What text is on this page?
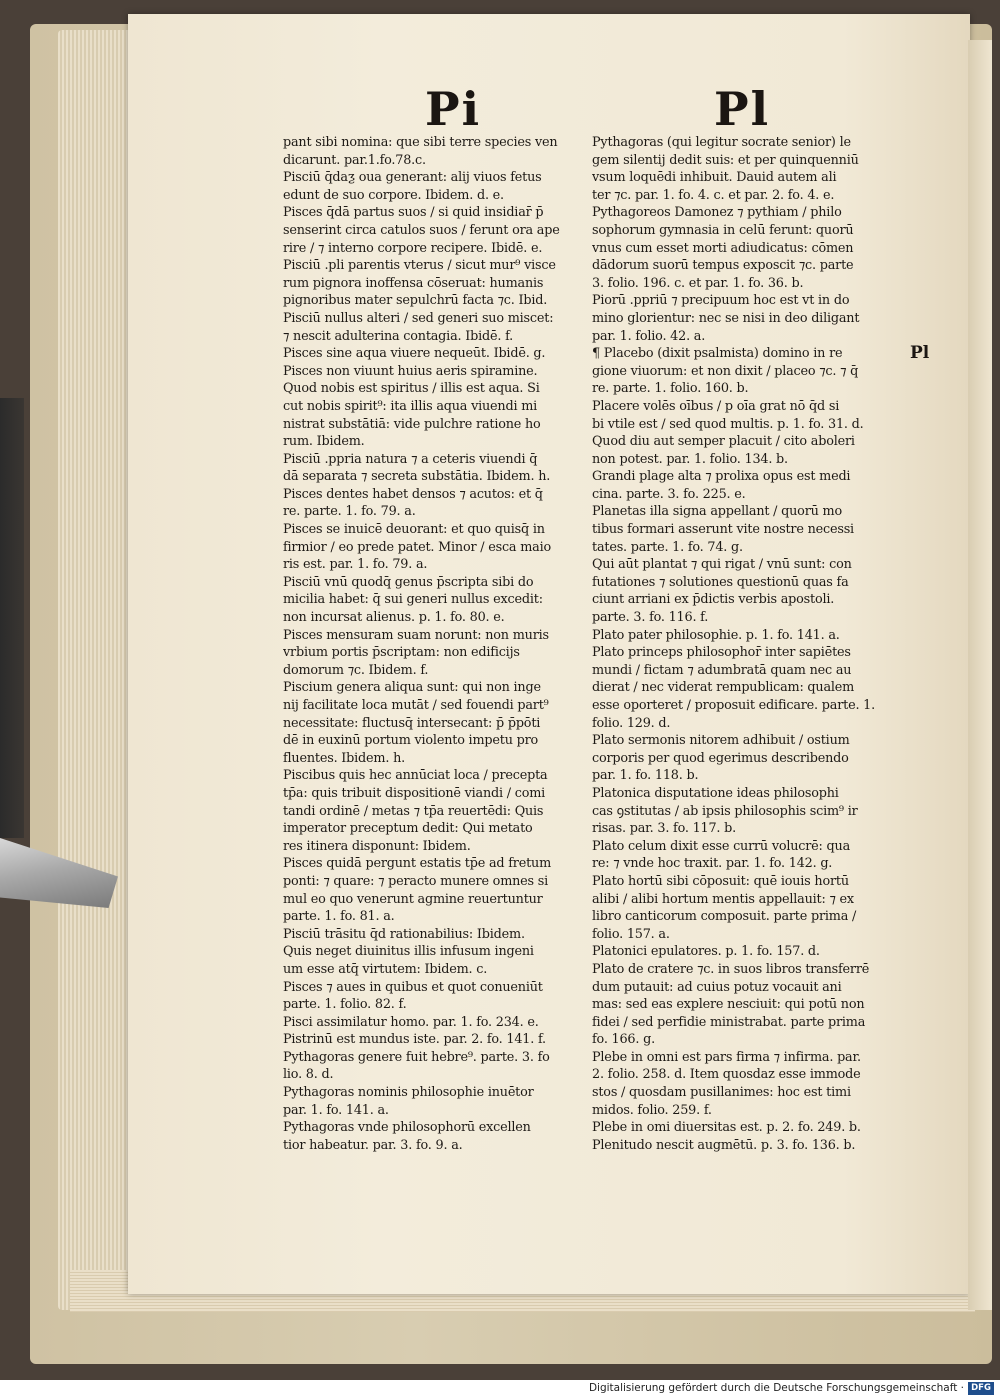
Pi	Pl
pant sibi nomina: que sibi terre species ven
dicarunt. par.1.fo.78.c.
Pisciū q̄daƺ oua generant: alij viuos fetus
edunt de suo corpore. Ibidem. d. e.
Pisces q̄dā partus suos / si quid insidiar̄ p̄
senserint circa catulos suos / ferunt ora ape
rire / ⁊ interno corpore recipere. Ibidē. e.
Pisciū .pli parentis vterus / sicut mur⁹ visce
rum pignora inoffensa cōseruat: humanis
pignoribus mater sepulchrū facta ⁊c. Ibid.
Pisciū nullus alteri / sed generi suo miscet:
⁊ nescit adulterina contagia. Ibidē. f.
Pisces sine aqua viuere nequeūt. Ibidē. g.
Pisces non viuunt huius aeris spiramine.
Quod nobis est spiritus / illis est aqua. Si
cut nobis spirit⁹: ita illis aqua viuendi mi
nistrat substātiā: vide pulchre ratione ho
rum. Ibidem.
Pisciū .ppria natura ⁊ a ceteris viuendi q̄
dā separata ⁊ secreta substātia. Ibidem. h.
Pisces dentes habet densos ⁊ acutos: et q̄
re. parte. 1. fo. 79. a.
Pisces se inuicē deuorant: et quo quisq̄ in
firmior / eo prede patet. Minor / esca maio
ris est. par. 1. fo. 79. a.
Pisciū vnū quodq̄ genus p̄scripta sibi do
micilia habet: q̄ sui generi nullus excedit:
non incursat alienus. p. 1. fo. 80. e.
Pisces mensuram suam norunt: non muris
vrbium portis p̄scriptam: non edificijs
domorum ⁊c. Ibidem. f.
Piscium genera aliqua sunt: qui non inge
nij facilitate loca mutāt / sed fouendi part⁹
necessitate: fluctusq̄ intersecant: p̄ p̄pōti
dē in euxinū portum violento impetu pro
fluentes. Ibidem. h.
Piscibus quis hec annūciat loca / precepta
tp̄a: quis tribuit dispositionē viandi / comi
tandi ordinē / metas ⁊ tp̄a reuertēdi: Quis
imperator preceptum dedit: Qui metato
res itinera disponunt: Ibidem.
Pisces quidā pergunt estatis tp̄e ad fretum
ponti: ⁊ quare: ⁊ peracto munere omnes si
mul eo quo venerunt agmine reuertuntur
parte. 1. fo. 81. a.
Pisciū trāsitu q̄d rationabilius: Ibidem.
Quis neget diuinitus illis infusum ingeni
um esse atq̄ virtutem: Ibidem. c.
Pisces ⁊ aues in quibus et quot conueniūt
parte. 1. folio. 82. f.
Pisci assimilatur homo. par. 1. fo. 234. e.
Pistrinū est mundus iste. par. 2. fo. 141. f.
Pythagoras genere fuit hebre⁹. parte. 3. fo
lio. 8. d.
Pythagoras nominis philosophie inuētor
par. 1. fo. 141. a.
Pythagoras vnde philosophorū excellen
tior habeatur. par. 3. fo. 9. a.
Pythagoras (qui legitur socrate senior) le
gem silentij dedit suis: et per quinquenniū
vsum loquēdi inhibuit. Dauid autem ali
ter ⁊c. par. 1. fo. 4. c. et par. 2. fo. 4. e.
Pythagoreos Damonez ⁊ pythiam / philo
sophorum gymnasia in celū ferunt: quorū
vnus cum esset morti adiudicatus: cōmen
dādorum suorū tempus exposcit ⁊c. parte
3. folio. 196. c. et par. 1. fo. 36. b.
Piorū .ppriū ⁊ precipuum hoc est vt in do
mino glorientur: nec se nisi in deo diligant
par. 1. folio. 42. a.
¶ Placebo (dixit psalmista) domino in re
gione viuorum: et non dixit / placeo ⁊c. ⁊ q̄
re. parte. 1. folio. 160. b.
Placere volēs oībus / p oīa grat nō q̄d si
bi vtile est / sed quod multis. p. 1. fo. 31. d.
Quod diu aut semper placuit / cito aboleri
non potest. par. 1. folio. 134. b.
Grandi plage alta ⁊ prolixa opus est medi
cina. parte. 3. fo. 225. e.
Planetas illa signa appellant / quorū mo
tibus formari asserunt vite nostre necessi
tates. parte. 1. fo. 74. g.
Qui aūt plantat ⁊ qui rigat / vnū sunt: con
futationes ⁊ solutiones questionū quas fa
ciunt arriani ex p̄dictis verbis apostoli.
parte. 3. fo. 116. f.
Plato pater philosophie. p. 1. fo. 141. a.
Plato princeps philosophor̄ inter sapiētes
mundi / fictam ⁊ adumbratā quam nec au
dierat / nec viderat rempublicam: qualem
esse oporteret / proposuit edificare. parte. 1.
folio. 129. d.
Plato sermonis nitorem adhibuit / ostium
corporis per quod egerimus describendo
par. 1. fo. 118. b.
Platonica disputatione ideas philosophi
cas ꝯstitutas / ab ipsis philosophis scim⁹ ir
risas. par. 3. fo. 117. b.
Plato celum dixit esse currū volucrē: qua
re: ⁊ vnde hoc traxit. par. 1. fo. 142. g.
Plato hortū sibi cōposuit: quē iouis hortū
alibi / alibi hortum mentis appellauit: ⁊ ex
libro canticorum composuit. parte prima /
folio. 157. a.
Platonici epulatores. p. 1. fo. 157. d.
Plato de cratere ⁊c. in suos libros transferrē
dum putauit: ad cuius potuz vocauit ani
mas: sed eas explere nesciuit: qui potū non
fidei / sed perfidie ministrabat. parte prima
fo. 166. g.
Plebe in omni est pars firma ⁊ infirma. par.
2. folio. 258. d. Item quosdaz esse immode
stos / quosdam pusillanimes: hoc est timi
midos. folio. 259. f.
Plebe in omi diuersitas est. p. 2. fo. 249. b.
Plenitudo nescit augmētū. p. 3. fo. 136. b.
Pl
Digitalisierung gefördert durch die Deutsche Forschungsgemeinschaft · DFG
